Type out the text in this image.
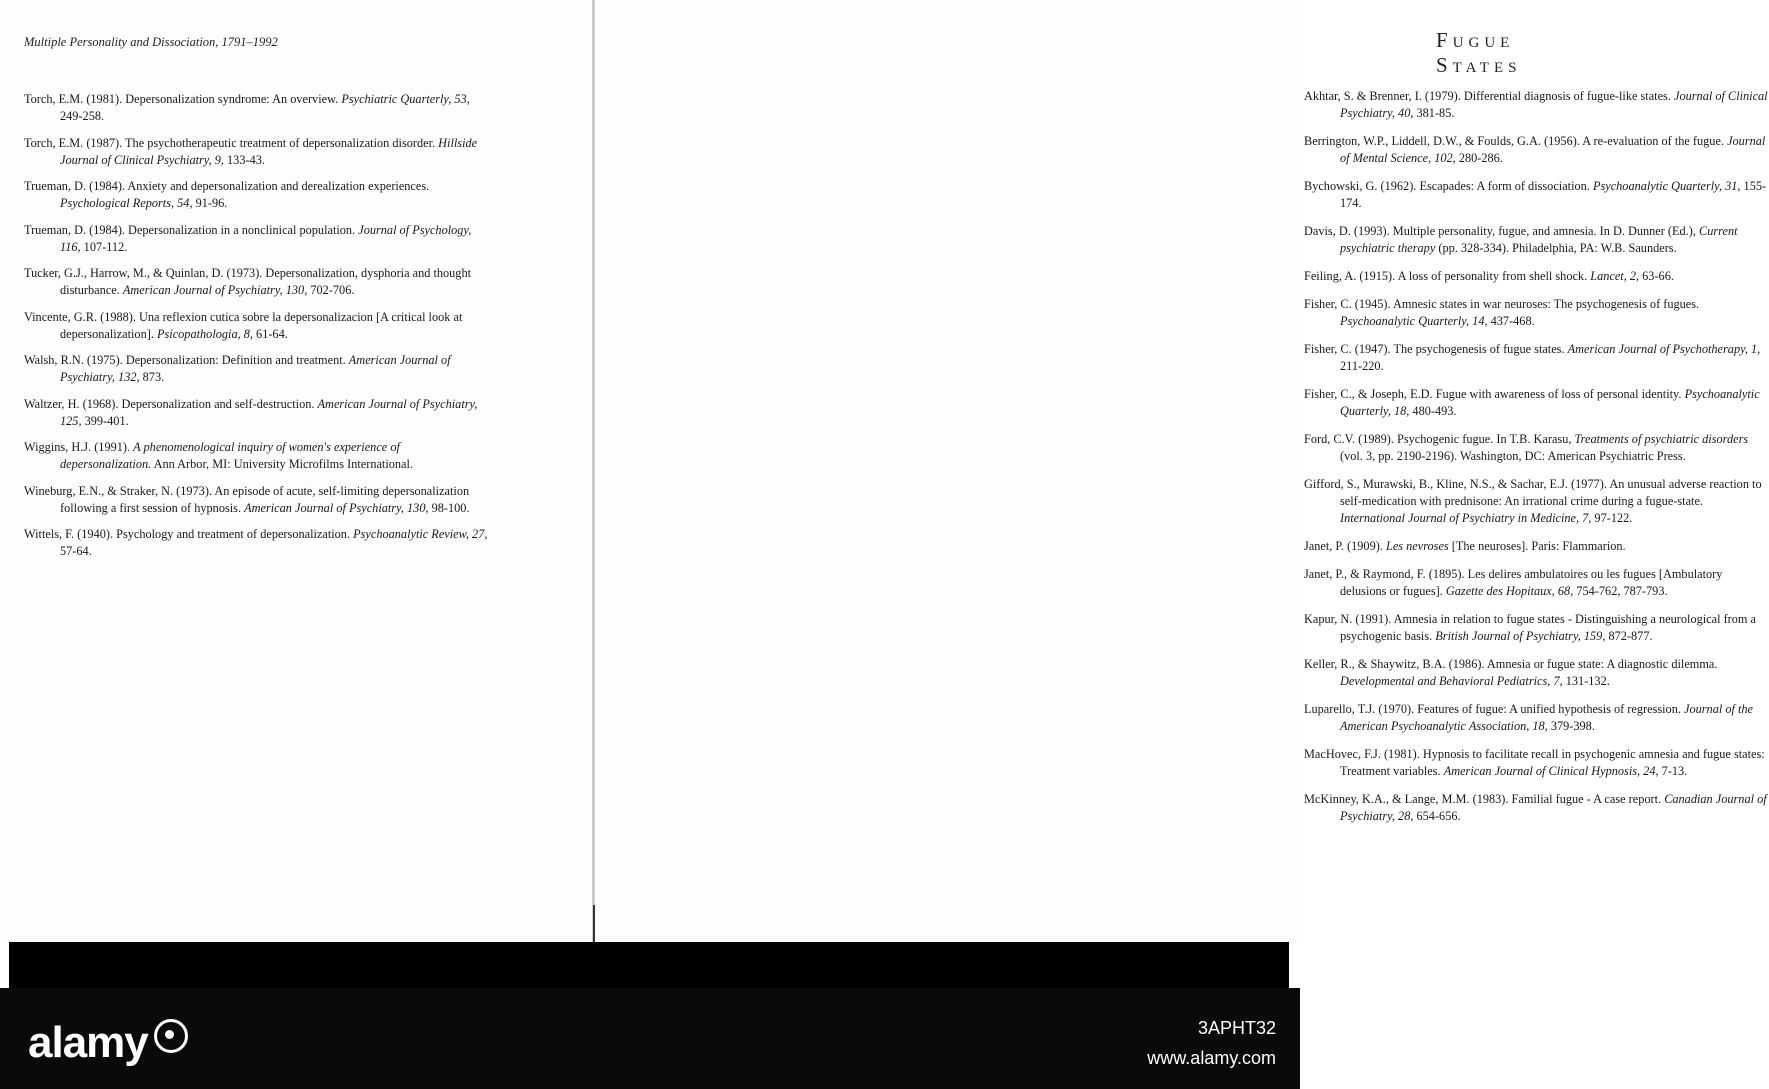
Multiple Personality and Dissociation, 1791–1992
Torch, E.M. (1981). Depersonalization syndrome: An overview. Psychiatric Quarterly, 53, 249-258.
Torch, E.M. (1987). The psychotherapeutic treatment of depersonalization disorder. Hillside Journal of Clinical Psychiatry, 9, 133-43.
Trueman, D. (1984). Anxiety and depersonalization and derealization experiences. Psychological Reports, 54, 91-96.
Trueman, D. (1984). Depersonalization in a nonclinical population. Journal of Psychology, 116, 107-112.
Tucker, G.J., Harrow, M., & Quinlan, D. (1973). Depersonalization, dysphoria and thought disturbance. American Journal of Psychiatry, 130, 702-706.
Vincente, G.R. (1988). Una reflexion cutica sobre la depersonalizacion [A critical look at depersonalization]. Psicopathologia, 8, 61-64.
Walsh, R.N. (1975). Depersonalization: Definition and treatment. American Journal of Psychiatry, 132, 873.
Waltzer, H. (1968). Depersonalization and self-destruction. American Journal of Psychiatry, 125, 399-401.
Wiggins, H.J. (1991). A phenomenological inquiry of women's experience of depersonalization. Ann Arbor, MI: University Microfilms International.
Wineburg, E.N., & Straker, N. (1973). An episode of acute, self-limiting depersonalization following a first session of hypnosis. American Journal of Psychiatry, 130, 98-100.
Wittels, F. (1940). Psychology and treatment of depersonalization. Psychoanalytic Review, 27, 57-64.
Fugue States
Akhtar, S. & Brenner, I. (1979). Differential diagnosis of fugue-like states. Journal of Clinical Psychiatry, 40, 381-85.
Berrington, W.P., Liddell, D.W., & Foulds, G.A. (1956). A re-evaluation of the fugue. Journal of Mental Science, 102, 280-286.
Bychowski, G. (1962). Escapades: A form of dissociation. Psychoanalytic Quarterly, 31, 155-174.
Davis, D. (1993). Multiple personality, fugue, and amnesia. In D. Dunner (Ed.), Current psychiatric therapy (pp. 328-334). Philadelphia, PA: W.B. Saunders.
Feiling, A. (1915). A loss of personality from shell shock. Lancet, 2, 63-66.
Fisher, C. (1945). Amnesic states in war neuroses: The psychogenesis of fugues. Psychoanalytic Quarterly, 14, 437-468.
Fisher, C. (1947). The psychogenesis of fugue states. American Journal of Psychotherapy, 1, 211-220.
Fisher, C., & Joseph, E.D. Fugue with awareness of loss of personal identity. Psychoanalytic Quarterly, 18, 480-493.
Ford, C.V. (1989). Psychogenic fugue. In T.B. Karasu, Treatments of psychiatric disorders (vol. 3, pp. 2190-2196). Washington, DC: American Psychiatric Press.
Gifford, S., Murawski, B., Kline, N.S., & Sachar, E.J. (1977). An unusual adverse reaction to self-medication with prednisone: An irrational crime during a fugue-state. International Journal of Psychiatry in Medicine, 7, 97-122.
Janet, P. (1909). Les nevroses [The neuroses]. Paris: Flammarion.
Janet, P., & Raymond, F. (1895). Les delires ambulatoires ou les fugues [Ambulatory delusions or fugues]. Gazette des Hopitaux, 68, 754-762, 787-793.
Kapur, N. (1991). Amnesia in relation to fugue states - Distinguishing a neurological from a psychogenic basis. British Journal of Psychiatry, 159, 872-877.
Keller, R., & Shaywitz, B.A. (1986). Amnesia or fugue state: A diagnostic dilemma. Developmental and Behavioral Pediatrics, 7, 131-132.
Luparello, T.J. (1970). Features of fugue: A unified hypothesis of regression. Journal of the American Psychoanalytic Association, 18, 379-398.
MacHovec, F.J. (1981). Hypnosis to facilitate recall in psychogenic amnesia and fugue states: Treatment variables. American Journal of Clinical Hypnosis, 24, 7-13.
McKinney, K.A., & Lange, M.M. (1983). Familial fugue - A case report. Canadian Journal of Psychiatry, 28, 654-656.
alamy	3APHT32
www.alamy.com
